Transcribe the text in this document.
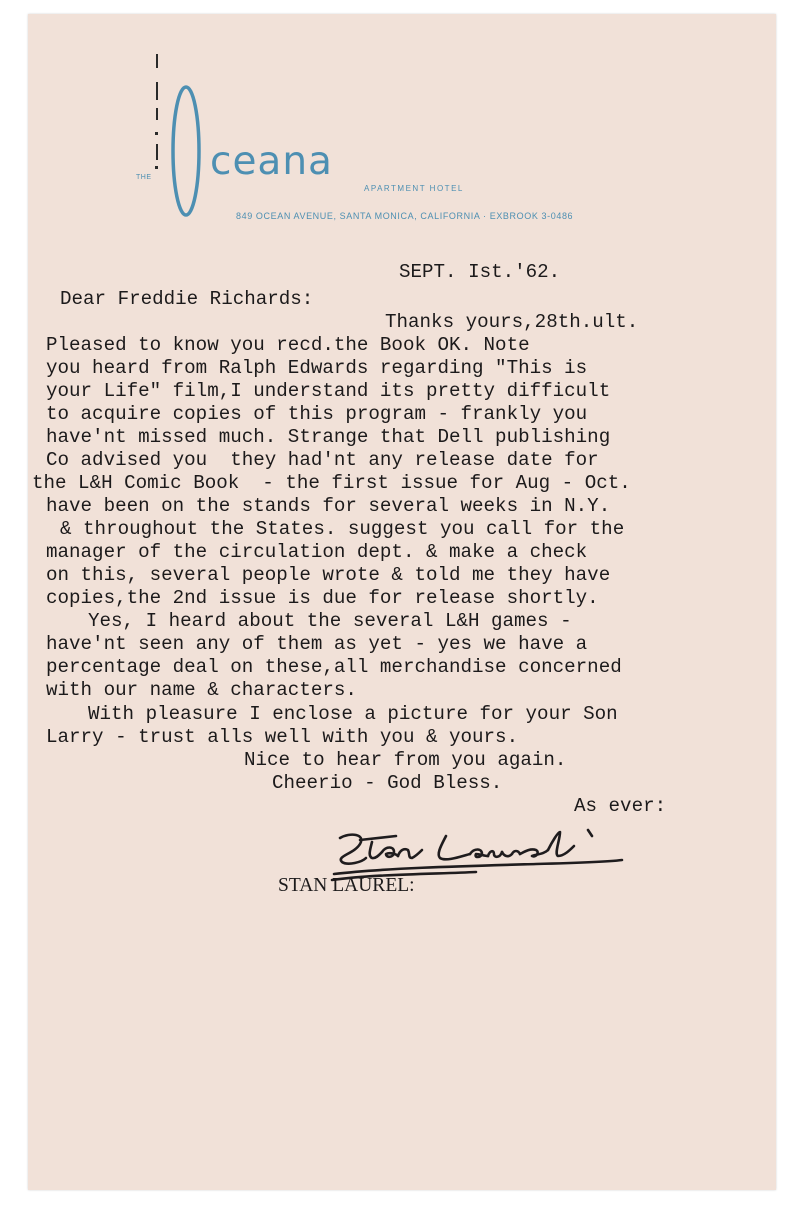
THE ceana
APARTMENT HOTEL
849 OCEAN AVENUE, SANTA MONICA, CALIFORNIA · EXBROOK 3-0486

SEPT. Ist.'62.

Dear Freddie Richards:

Thanks yours,28th.ult.

Pleased to know you recd.the Book OK. Note

you heard from Ralph Edwards regarding "This is

your Life" film,I understand its pretty difficult

to acquire copies of this program - frankly you

have'nt missed much. Strange that Dell publishing

Co advised you  they had'nt any release date for

the L&H Comic Book  - the first issue for Aug - Oct.

have been on the stands for several weeks in N.Y.

& throughout the States. suggest you call for the

manager of the circulation dept. & make a check

on this, several people wrote & told me they have

copies,the 2nd issue is due for release shortly.

Yes, I heard about the several L&H games -

have'nt seen any of them as yet - yes we have a

percentage deal on these,all merchandise concerned

with our name & characters.

With pleasure I enclose a picture for your Son

Larry - trust alls well with you & yours.

Nice to hear from you again.

Cheerio - God Bless.

As ever:

STAN LAUREL:
